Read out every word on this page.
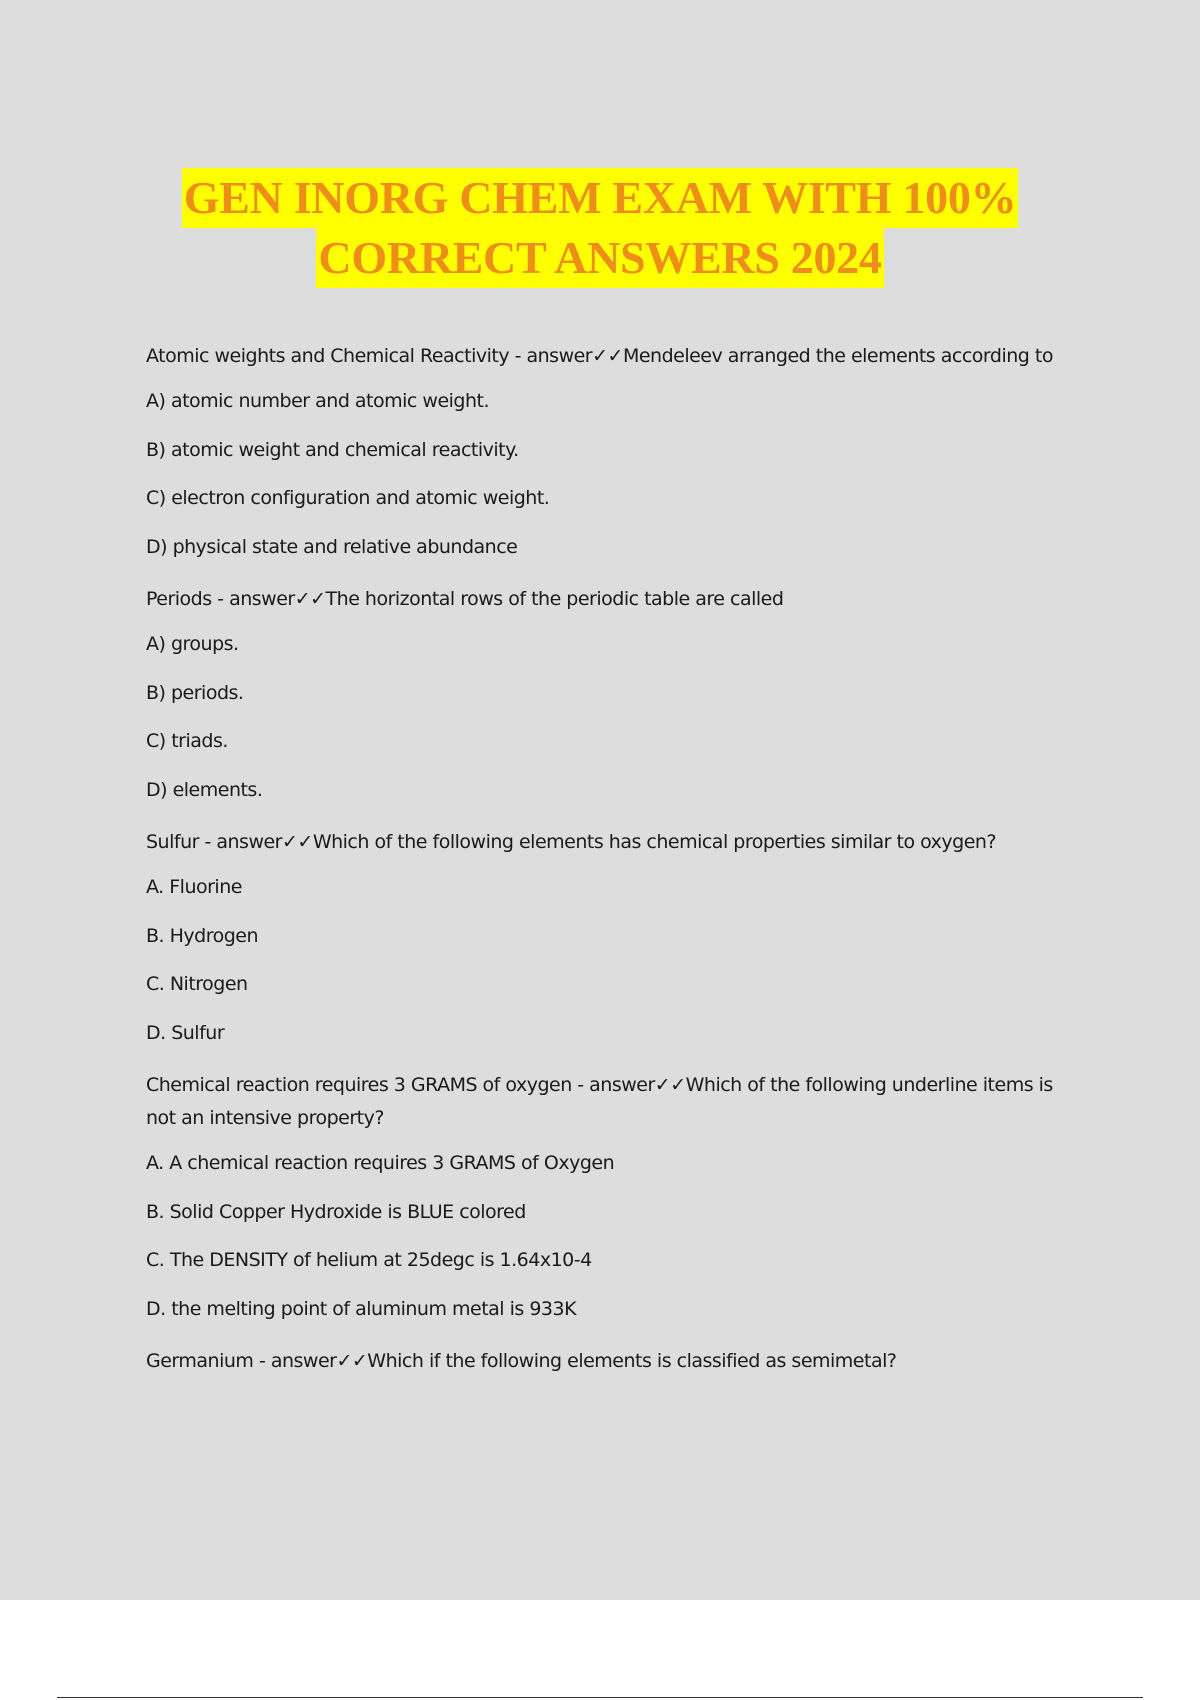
GEN INORG CHEM EXAM WITH 100%
CORRECT ANSWERS 2024
Atomic weights and Chemical Reactivity - answer✓✓Mendeleev arranged the elements according to
A) atomic number and atomic weight.
B) atomic weight and chemical reactivity.
C) electron configuration and atomic weight.
D) physical state and relative abundance
Periods - answer✓✓The horizontal rows of the periodic table are called
A) groups.
B) periods.
C) triads.
D) elements.
Sulfur - answer✓✓Which of the following elements has chemical properties similar to oxygen?
A. Fluorine
B. Hydrogen
C. Nitrogen
D. Sulfur
Chemical reaction requires 3 GRAMS of oxygen - answer✓✓Which of the following underline items is not an intensive property?
A. A chemical reaction requires 3 GRAMS of Oxygen
B. Solid Copper Hydroxide is BLUE colored
C. The DENSITY of helium at 25degc is 1.64x10-4
D. the melting point of aluminum metal is 933K
Germanium - answer✓✓Which if the following elements is classified as semimetal?
